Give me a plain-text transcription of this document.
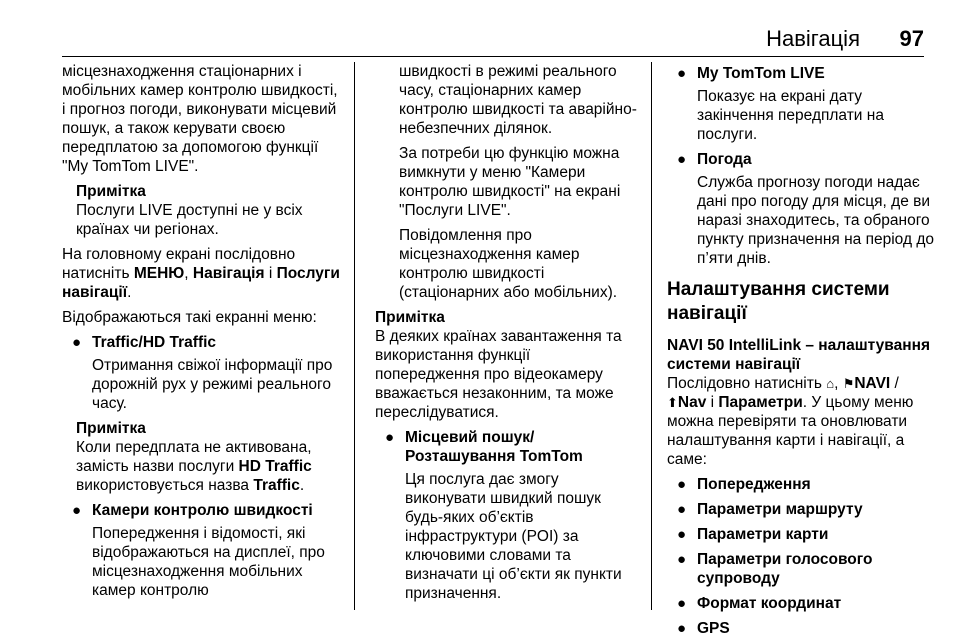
Навігація 97

місцезнаходження стаціонарних і мобільних камер контролю швидкості, і прогноз погоди, виконувати місцевий пошук, а також керувати своєю передплатою за допомогою функції "My TomTom LIVE".

Примітка
Послуги LIVE доступні не у всіх країнах чи регіонах.

На головному екрані послідовно натисніть МЕНЮ, Навігація і Послуги навігації.

Відображаються такі екранні меню:

● Traffic/HD Traffic
Отримання свіжої інформації про дорожній рух у режимі реального часу.
Примітка
Коли передплата не активована, замість назви послуги HD Traffic використовується назва Traffic.
● Камери контролю швидкості
Попередження і відомості, які відображаються на дисплеї, про місцезнаходження мобільних камер контролю

швидкості в режимі реального часу, стаціонарних камер контролю швидкості та аварійно-небезпечних ділянок.

За потреби цю функцію можна вимкнути у меню "Камери контролю швидкості" на екрані "Послуги LIVE".

Повідомлення про місцезнаходження камер контролю швидкості (стаціонарних або мобільних).

Примітка
В деяких країнах завантаження та використання функції попередження про відеокамеру вважається незаконним, та може переслідуватися.
● Місцевий пошук/Розташування TomTom
Ця послуга дає змогу виконувати швидкий пошук будь-яких об’єктів інфраструктури (POI) за ключовими словами та визначати ці об’єкти як пункти призначення.
● My TomTom LIVE
Показує на екрані дату закінчення передплати на послуги.
● Погода
Служба прогнозу погоди надає дані про погоду для місця, де ви наразі знаходитесь, та обраного пункту призначення на період до п’яти днів.
Налаштування системи навігації
NAVI 50 IntelliLink – налаштування системи навігації

Послідовно натисніть ⌂, ⚑NAVI /
⬆Nav і Параметри. У цьому меню можна перевіряти та оновлювати налаштування карти і навігації, а саме:

● Попередження
● Параметри маршруту
● Параметри карти
● Параметри голосового супроводу
● Формат координат
● GPS
